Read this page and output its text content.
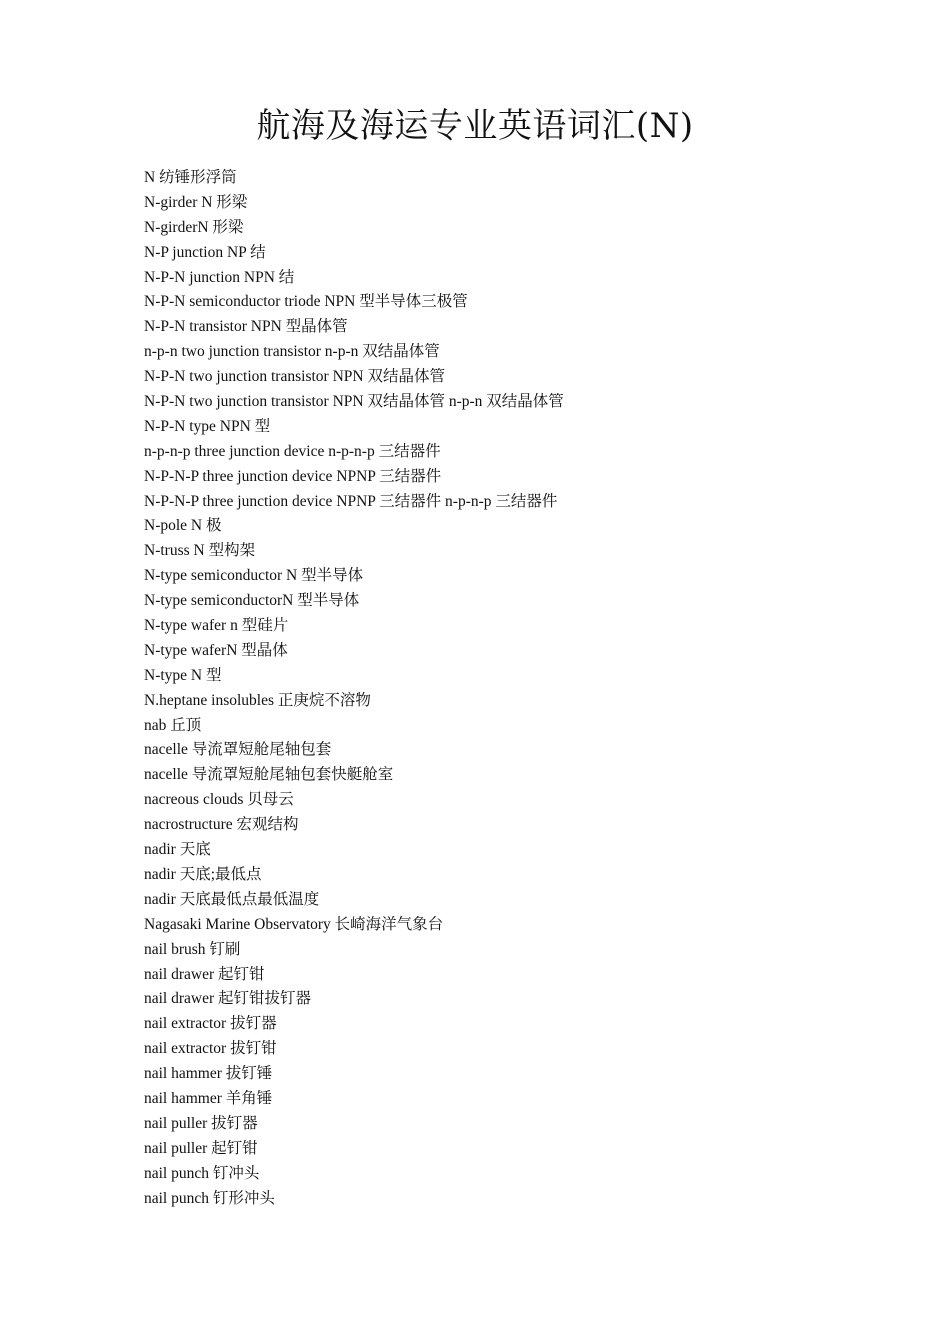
航海及海运专业英语词汇(N)
N 纺锤形浮筒
N-girder N 形梁
N-girderN 形梁
N-P junction NP 结
N-P-N junction NPN 结
N-P-N semiconductor triode NPN 型半导体三极管
N-P-N transistor NPN 型晶体管
n-p-n two junction transistor n-p-n 双结晶体管
N-P-N two junction transistor NPN 双结晶体管
N-P-N two junction transistor NPN 双结晶体管 n-p-n 双结晶体管
N-P-N type NPN 型
n-p-n-p three junction device n-p-n-p 三结器件
N-P-N-P three junction device NPNP 三结器件
N-P-N-P three junction device NPNP 三结器件 n-p-n-p 三结器件
N-pole N 极
N-truss N 型构架
N-type semiconductor N 型半导体
N-type semiconductorN 型半导体
N-type wafer n 型硅片
N-type waferN 型晶体
N-type N 型
N.heptane insolubles 正庚烷不溶物
nab 丘顶
nacelle 导流罩短舱尾轴包套
nacelle 导流罩短舱尾轴包套快艇舱室
nacreous clouds 贝母云
nacrostructure 宏观结构
nadir 天底
nadir 天底;最低点
nadir 天底最低点最低温度
Nagasaki Marine Observatory 长崎海洋气象台
nail brush 钉刷
nail drawer 起钉钳
nail drawer 起钉钳拔钉器
nail extractor 拔钉器
nail extractor 拔钉钳
nail hammer 拔钉锤
nail hammer 羊角锤
nail puller 拔钉器
nail puller 起钉钳
nail punch 钉冲头
nail punch 钉形冲头
